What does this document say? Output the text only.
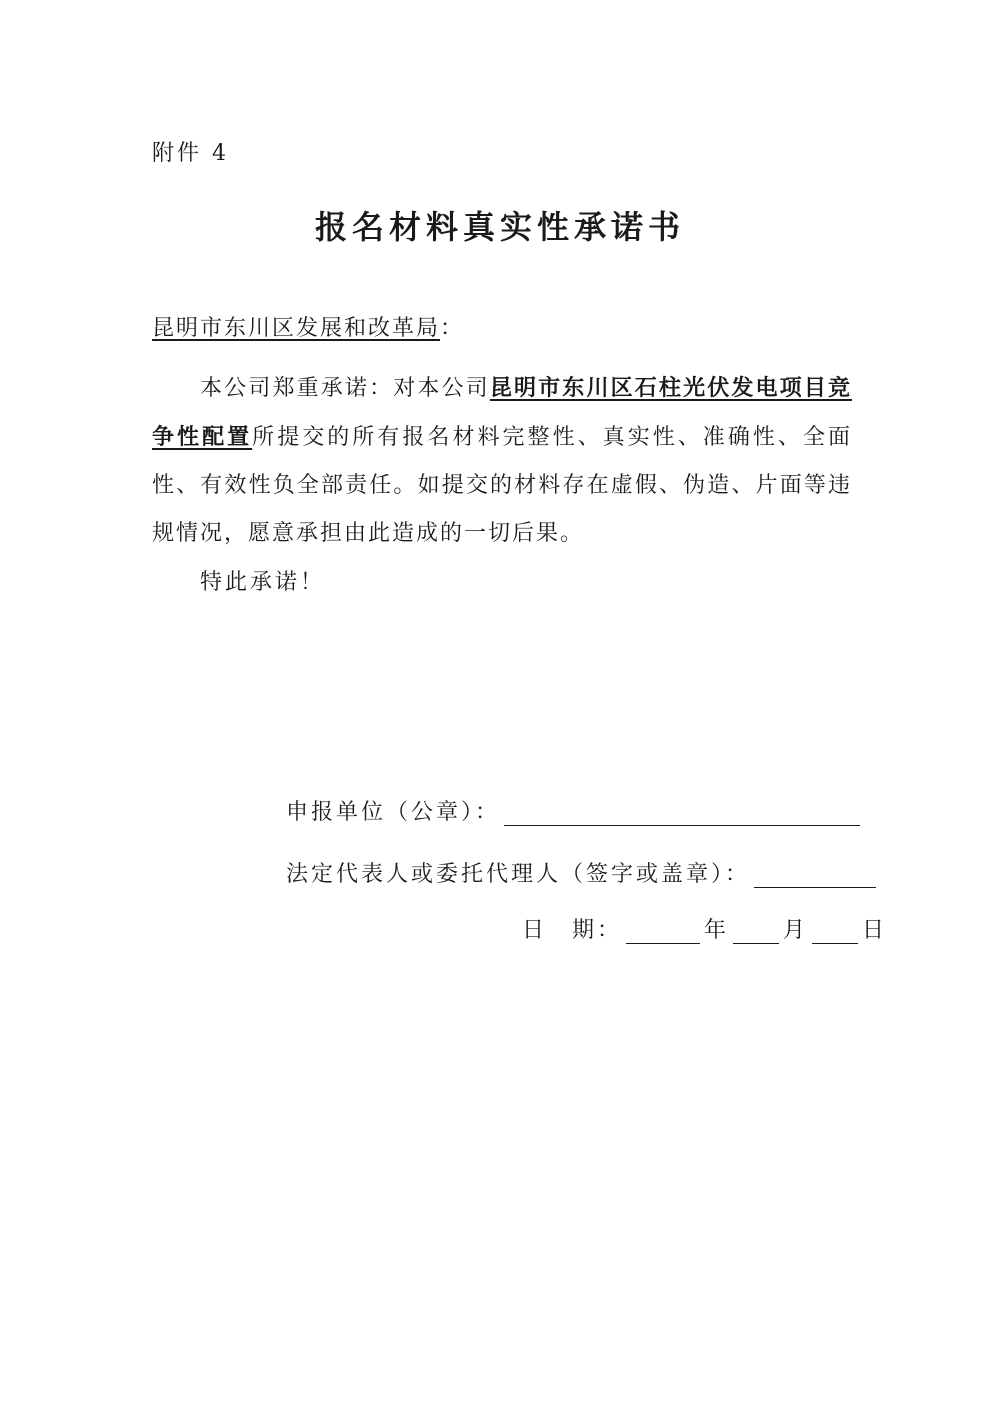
附件 4
报名材料真实性承诺书
昆明市东川区发展和改革局：
本公司郑重承诺：对本公司昆明市东川区石柱光伏发电项目竞争性配置所提交的所有报名材料完整性、真实性、准确性、全面性、有效性负全部责任。如提交的材料存在虚假、伪造、片面等违规情况，愿意承担由此造成的一切后果。
特此承诺！
申报单位（公章）：
法定代表人或委托代理人（签字或盖章）：
日　期：	年 月 日
